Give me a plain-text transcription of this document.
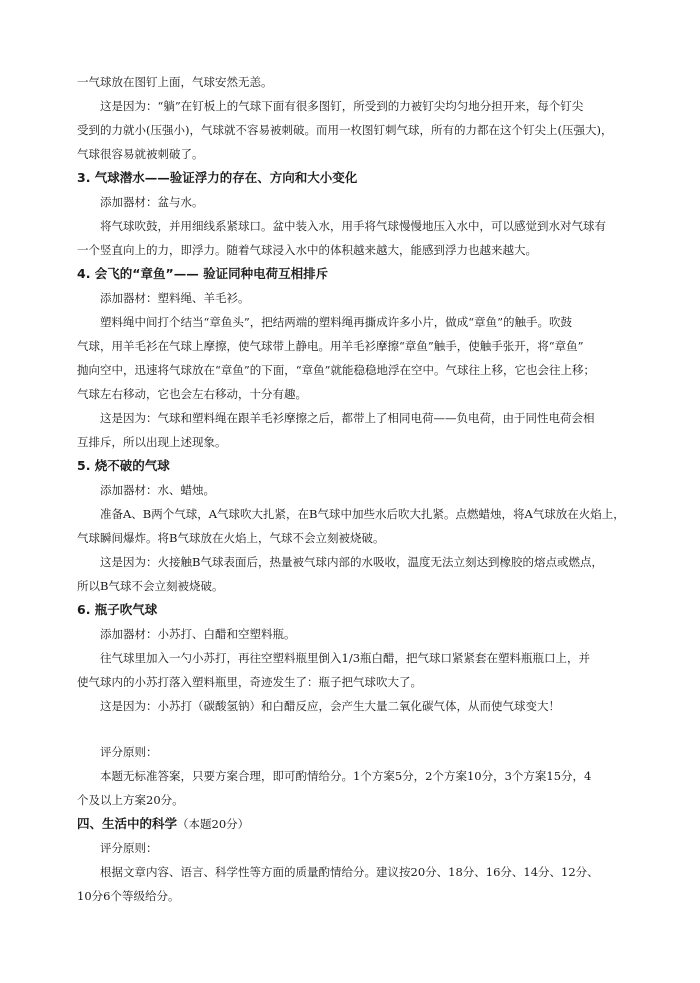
一气球放在图钉上面，气球安然无恙。
这是因为：“躺”在钉板上的气球下面有很多图钉，所受到的力被钉尖均匀地分担开来，每个钉尖
受到的力就小(压强小)，气球就不容易被刺破。而用一枚图钉刺气球，所有的力都在这个钉尖上(压强大)，
气球很容易就被刺破了。
3. 气球潜水——验证浮力的存在、方向和大小变化
添加器材：盆与水。
将气球吹鼓，并用细线系紧球口。盆中装入水，用手将气球慢慢地压入水中，可以感觉到水对气球有
一个竖直向上的力，即浮力。随着气球浸入水中的体积越来越大，能感到浮力也越来越大。
4. 会飞的“章鱼”—— 验证同种电荷互相排斥
添加器材：塑料绳、羊毛衫。
塑料绳中间打个结当“章鱼头”，把结两端的塑料绳再撕成许多小片，做成“章鱼”的触手。吹鼓
气球，用羊毛衫在气球上摩擦，使气球带上静电。用羊毛衫摩擦“章鱼”触手，使触手张开，将“章鱼”
抛向空中，迅速将气球放在“章鱼”的下面，“章鱼”就能稳稳地浮在空中。气球往上移，它也会往上移；
气球左右移动，它也会左右移动，十分有趣。
这是因为：气球和塑料绳在跟羊毛衫摩擦之后，都带上了相同电荷——负电荷，由于同性电荷会相
互排斥，所以出现上述现象。
5. 烧不破的气球
添加器材：水、蜡烛。
准备A、B两个气球，A气球吹大扎紧，在B气球中加些水后吹大扎紧。点燃蜡烛，将A气球放在火焰上，
气球瞬间爆炸。将B气球放在火焰上，气球不会立刻被烧破。
这是因为：火接触B气球表面后，热量被气球内部的水吸收，温度无法立刻达到橡胶的熔点或燃点，
所以B气球不会立刻被烧破。
6. 瓶子吹气球
添加器材：小苏打、白醋和空塑料瓶。
往气球里加入一勺小苏打，再往空塑料瓶里倒入1/3瓶白醋，把气球口紧紧套在塑料瓶瓶口上，并
使气球内的小苏打落入塑料瓶里，奇迹发生了：瓶子把气球吹大了。
这是因为：小苏打（碳酸氢钠）和白醋反应，会产生大量二氧化碳气体，从而使气球变大！
评分原则：
本题无标准答案，只要方案合理，即可酌情给分。1个方案5分，2个方案10分，3个方案15分，4
个及以上方案20分。
四、生活中的科学（本题20分）
评分原则：
根据文章内容、语言、科学性等方面的质量酌情给分。建议按20分、18分、16分、14分、12分、
10分6个等级给分。
